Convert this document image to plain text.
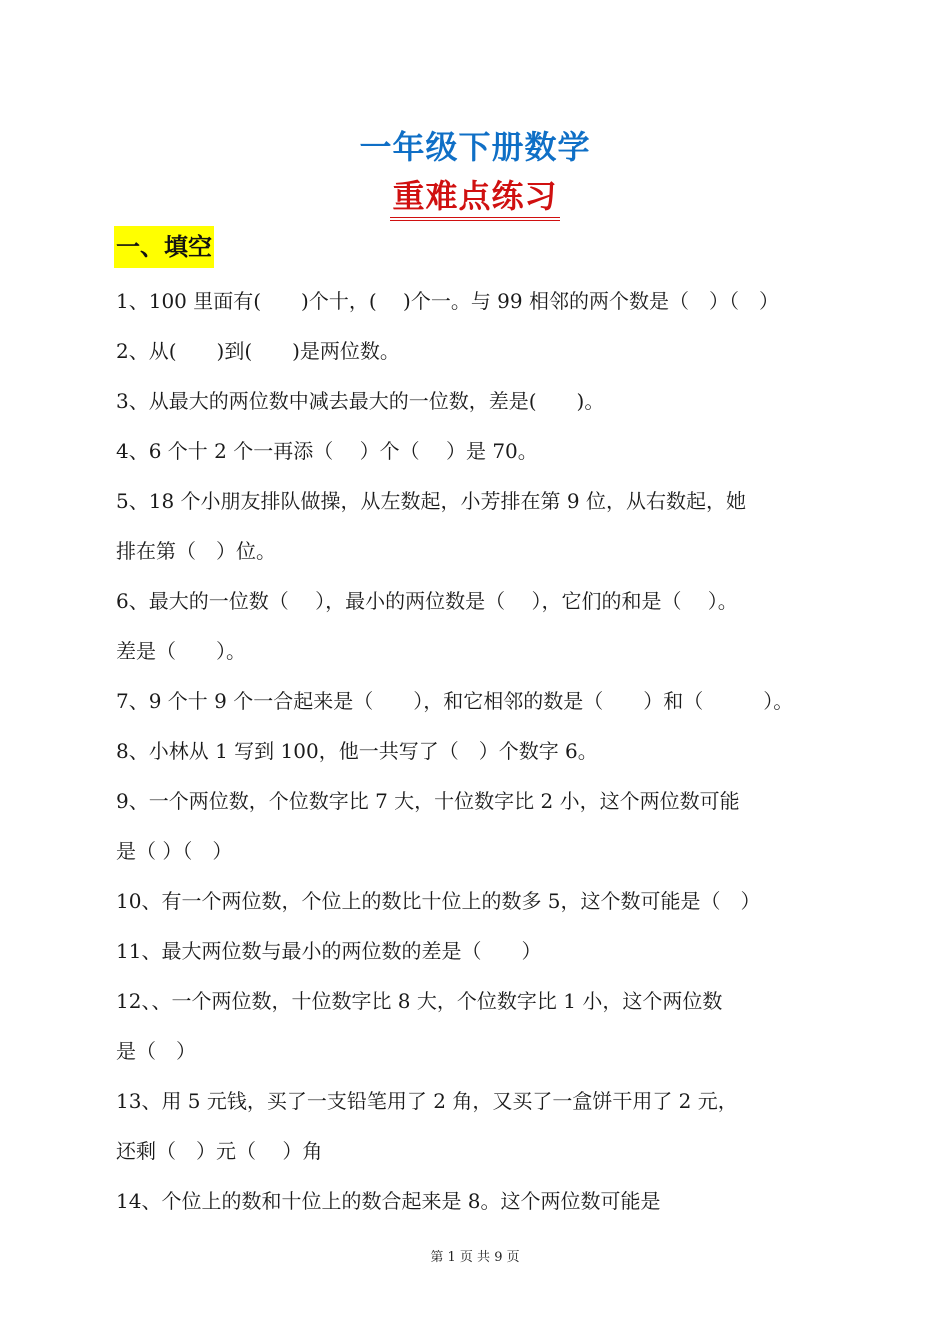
一年级下册数学
重难点练习
一、填空
1、100 里面有(　　)个十，(　 )个一。与 99 相邻的两个数是（　）（　）
2、从(　　)到(　　)是两位数。
3、从最大的两位数中减去最大的一位数，差是(　　)。
4、6 个十 2 个一再添（　 ）个（　 ）是 70。
5、18 个小朋友排队做操，从左数起，小芳排在第 9 位，从右数起，她
排在第（　）位。
6、最大的一位数（　 ），最小的两位数是（　 ），它们的和是（　 ）。
差是（　　）。
7、9 个十 9 个一合起来是（　　），和它相邻的数是（　　）和（　　　）。
8、小林从 1 写到 100，他一共写了（　）个数字 6。
9、一个两位数，个位数字比 7 大，十位数字比 2 小，这个两位数可能
是（ ）（　）
10、有一个两位数，个位上的数比十位上的数多 5，这个数可能是（　）
11、最大两位数与最小的两位数的差是（　　）
12、、一个两位数，十位数字比 8 大，个位数字比 1 小，这个两位数
是（　）
13、用 5 元钱，买了一支铅笔用了 2 角，又买了一盒饼干用了 2 元，
还剩（　）元（　 ）角
14、个位上的数和十位上的数合起来是 8。这个两位数可能是
第 1 页 共 9 页
